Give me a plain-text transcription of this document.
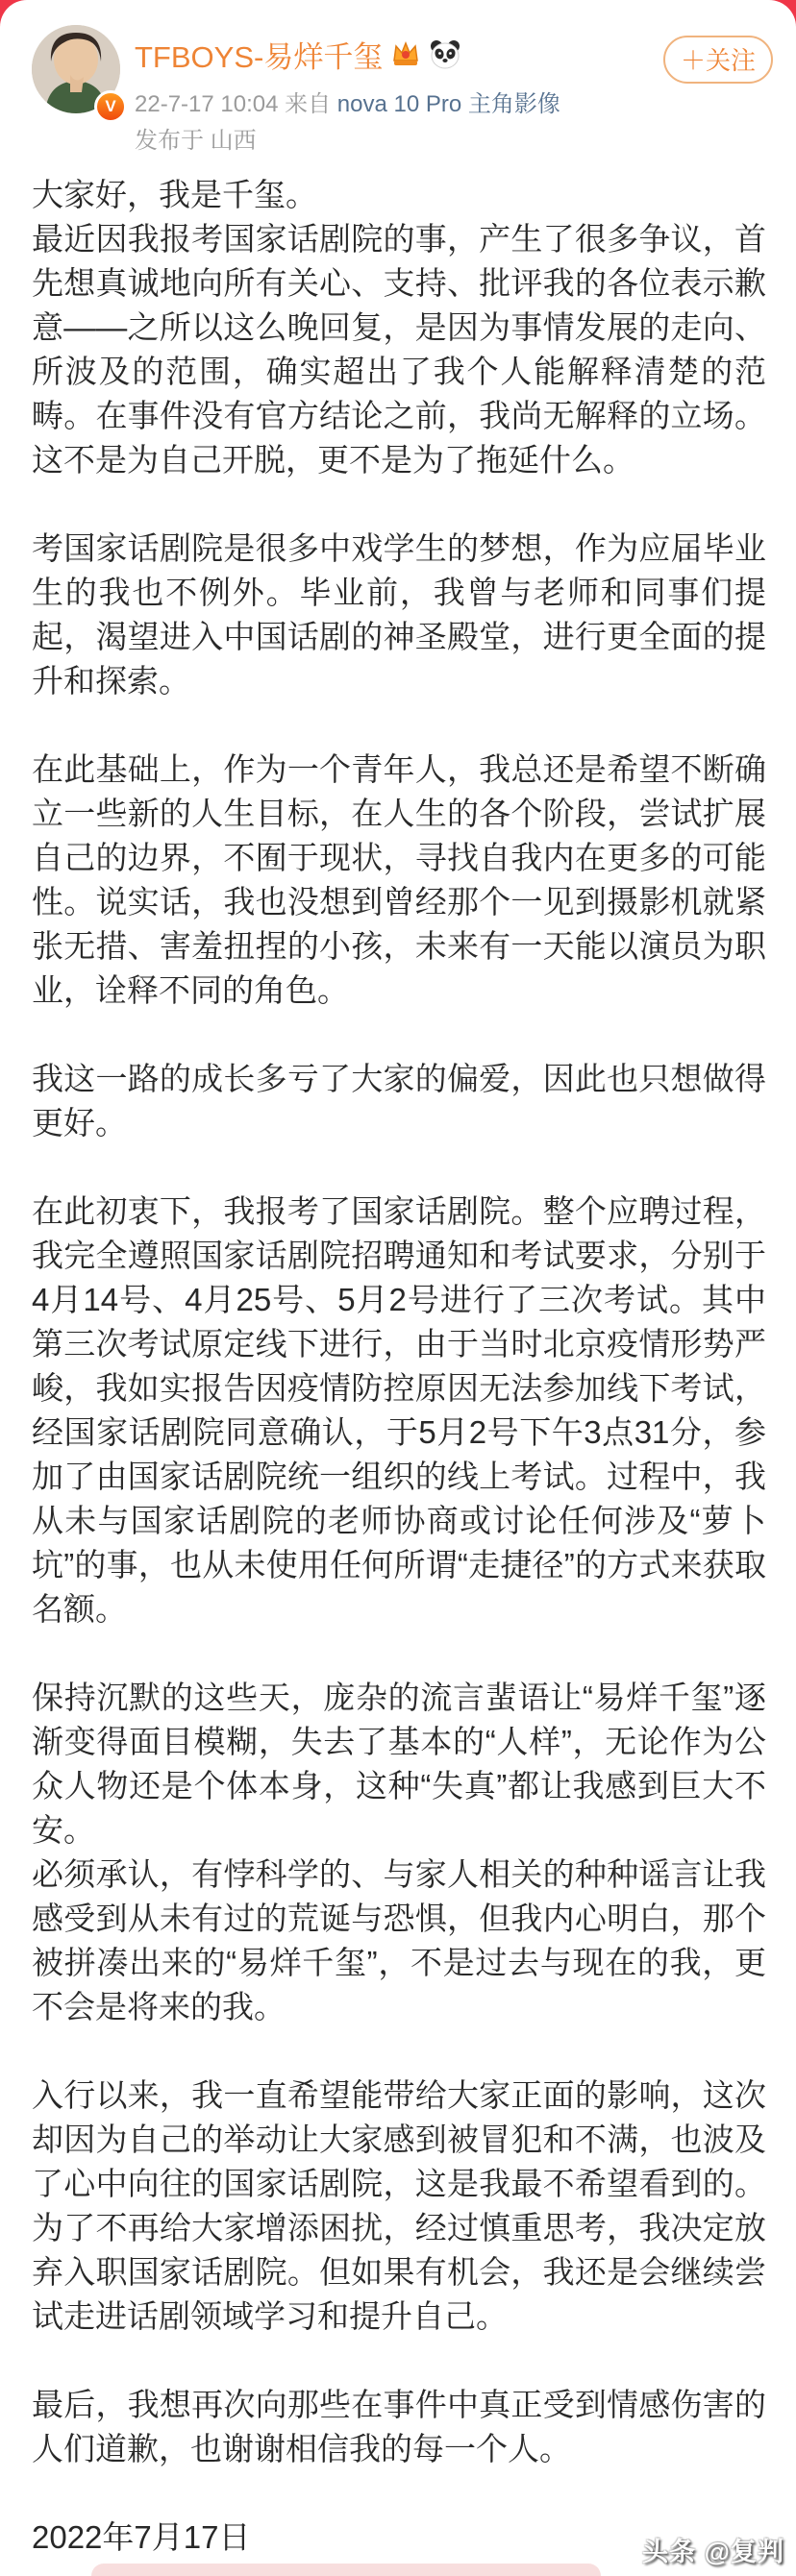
V
TFBOYS-易烊千玺
22-7-17 10:04 来自 nova 10 Pro 主角影像
发布于 山西
＋关注

大家好，我是千玺。

最近因我报考国家话剧院的事，产生了很多争议，首先想真诚地向所有关心、支持、批评我的各位表示歉意——之所以这么晚回复，是因为事情发展的走向、所波及的范围，确实超出了我个人能解释清楚的范畴。在事件没有官方结论之前，我尚无解释的立场。这不是为自己开脱，更不是为了拖延什么。

考国家话剧院是很多中戏学生的梦想，作为应届毕业生的我也不例外。毕业前，我曾与老师和同事们提起，渴望进入中国话剧的神圣殿堂，进行更全面的提升和探索。

在此基础上，作为一个青年人，我总还是希望不断确立一些新的人生目标，在人生的各个阶段，尝试扩展自己的边界，不囿于现状，寻找自我内在更多的可能性。说实话，我也没想到曾经那个一见到摄影机就紧张无措、害羞扭捏的小孩，未来有一天能以演员为职业，诠释不同的角色。

我这一路的成长多亏了大家的偏爱，因此也只想做得更好。

在此初衷下，我报考了国家话剧院。整个应聘过程，我完全遵照国家话剧院招聘通知和考试要求，分别于4月14号、4月25号、5月2号进行了三次考试。其中第三次考试原定线下进行，由于当时北京疫情形势严峻，我如实报告因疫情防控原因无法参加线下考试，经国家话剧院同意确认，于5月2号下午3点31分，参加了由国家话剧院统一组织的线上考试。过程中，我从未与国家话剧院的老师协商或讨论任何涉及“萝卜坑”的事，也从未使用任何所谓“走捷径”的方式来获取名额。

保持沉默的这些天，庞杂的流言蜚语让“易烊千玺”逐渐变得面目模糊，失去了基本的“人样”，无论作为公众人物还是个体本身，这种“失真”都让我感到巨大不安。

必须承认，有悖科学的、与家人相关的种种谣言让我感受到从未有过的荒诞与恐惧，但我内心明白，那个被拼凑出来的“易烊千玺”，不是过去与现在的我，更不会是将来的我。

入行以来，我一直希望能带给大家正面的影响，这次却因为自己的举动让大家感到被冒犯和不满，也波及了心中向往的国家话剧院，这是我最不希望看到的。为了不再给大家增添困扰，经过慎重思考，我决定放弃入职国家话剧院。但如果有机会，我还是会继续尝试走进话剧领域学习和提升自己。

最后，我想再次向那些在事件中真正受到情感伤害的人们道歉，也谢谢相信我的每一个人。

2022年7月17日	头条 @复判
